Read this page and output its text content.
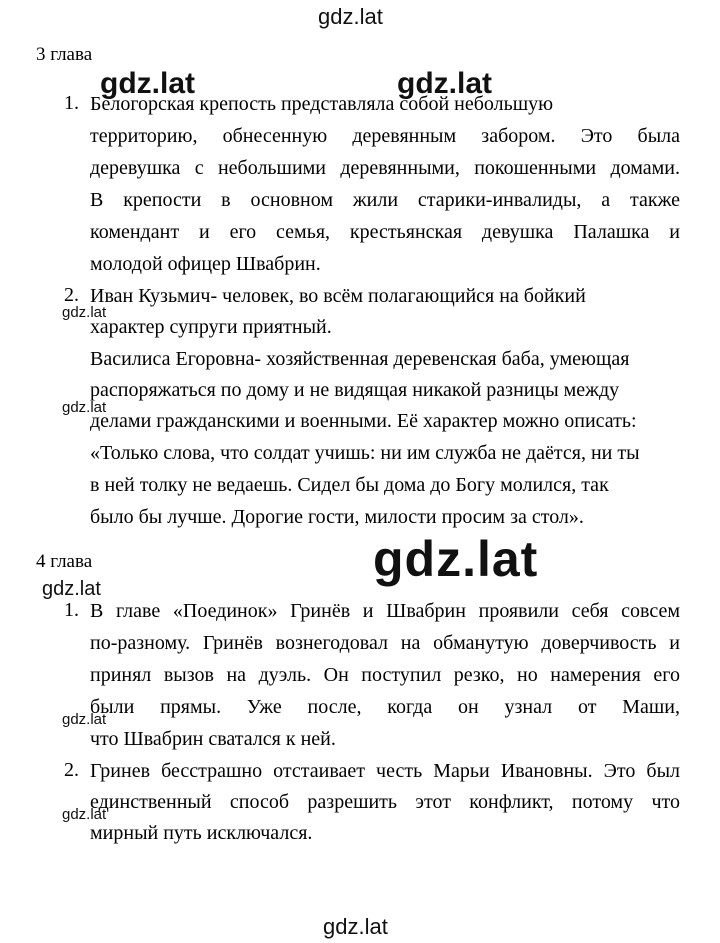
gdz.lat
gdz.lat
gdz.lat
gdz.lat
gdz.lat
gdz.lat
gdz.lat
gdz.lat
3 глава
1. Белогорская крепость представляла собой небольшую
gdz.lat	gdz.lat
территорию, обнесенную деревянным забором. Это была
деревушка с небольшими деревянными, покошенными домами.
В крепости в основном жили старики-инвалиды, а также
комендант и его семья, крестьянская девушка Палашка и
молодой офицер Швабрин.
2. Иван Кузьмич- человек, во всём полагающийся на бойкий
характер супруги приятный.
Василиса Егоровна- хозяйственная деревенская баба, умеющая
распоряжаться по дому и не видящая никакой разницы между
делами гражданскими и военными. Её характер можно описать:
«Только слова, что солдат учишь: ни им служба не даётся, ни ты
в ней толку не ведаешь. Сидел бы дома до Богу молился, так
было бы лучше. Дорогие гости, милости просим за стол».
4 глава
1. В главе «Поединок» Гринёв и Швабрин проявили себя совсем
по-разному. Гринёв вознегодовал на обманутую доверчивость и
принял вызов на дуэль. Он поступил резко, но намерения его
были прямы. Уже после, когда он узнал от Маши,
что Швабрин сватался к ней.
2. Гринев бесстрашно отстаивает честь Марьи Ивановны. Это был
единственный способ разрешить этот конфликт, потому что
мирный путь исключался.
